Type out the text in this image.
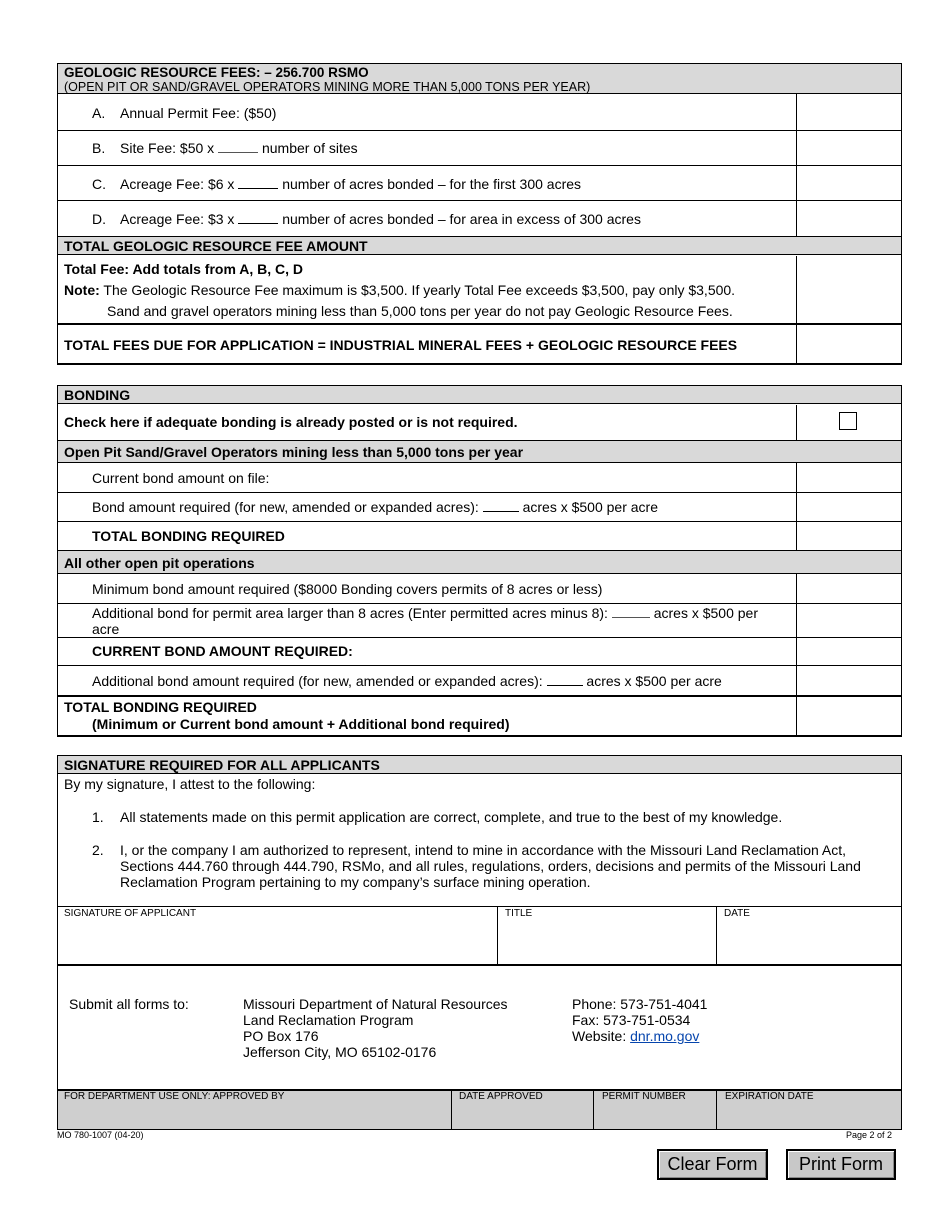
GEOLOGIC RESOURCE FEES: – 256.700 RSMO
(OPEN PIT OR SAND/GRAVEL OPERATORS MINING MORE THAN 5,000 TONS PER YEAR)
A. Annual Permit Fee: ($50)
B. Site Fee: $50 x	number of sites
C. Acreage Fee: $6 x	number of acres bonded – for the first 300 acres
D. Acreage Fee: $3 x	number of acres bonded – for area in excess of 300 acres
TOTAL GEOLOGIC RESOURCE FEE AMOUNT
Total Fee: Add totals from A, B, C, D
Note: The Geologic Resource Fee maximum is $3,500. If yearly Total Fee exceeds $3,500, pay only $3,500.
Sand and gravel operators mining less than 5,000 tons per year do not pay Geologic Resource Fees.
TOTAL FEES DUE FOR APPLICATION = INDUSTRIAL MINERAL FEES + GEOLOGIC RESOURCE FEES
BONDING
Check here if adequate bonding is already posted or is not required.
Open Pit Sand/Gravel Operators mining less than 5,000 tons per year
Current bond amount on file:
Bond amount required (for new, amended or expanded acres):	acres x $500 per acre
TOTAL BONDING REQUIRED
All other open pit operations
Minimum bond amount required ($8000 Bonding covers permits of 8 acres or less)
Additional bond for permit area larger than 8 acres (Enter permitted acres minus 8):	acres x $500 per
acre
CURRENT BOND AMOUNT REQUIRED:
Additional bond amount required (for new, amended or expanded acres):	acres x $500 per acre
TOTAL BONDING REQUIRED
(Minimum or Current bond amount + Additional bond required)
SIGNATURE REQUIRED FOR ALL APPLICANTS
By my signature, I attest to the following:
1. All statements made on this permit application are correct, complete, and true to the best of my knowledge.
2. I, or the company I am authorized to represent, intend to mine in accordance with the Missouri Land Reclamation Act,
Sections 444.760 through 444.790, RSMo, and all rules, regulations, orders, decisions and permits of the Missouri Land
Reclamation Program pertaining to my company’s surface mining operation.
SIGNATURE OF APPLICANT	TITLE	DATE
Submit all forms to:	Missouri Department of Natural Resources
Land Reclamation Program
PO Box 176
Jefferson City, MO 65102-0176
Phone: 573-751-4041
Fax: 573-751-0534
Website: dnr.mo.gov
FOR DEPARTMENT USE ONLY: APPROVED BY	DATE APPROVED	PERMIT NUMBER	EXPIRATION DATE
MO 780-1007 (04-20)	Page 2 of 2
Clear Form	Print Form
